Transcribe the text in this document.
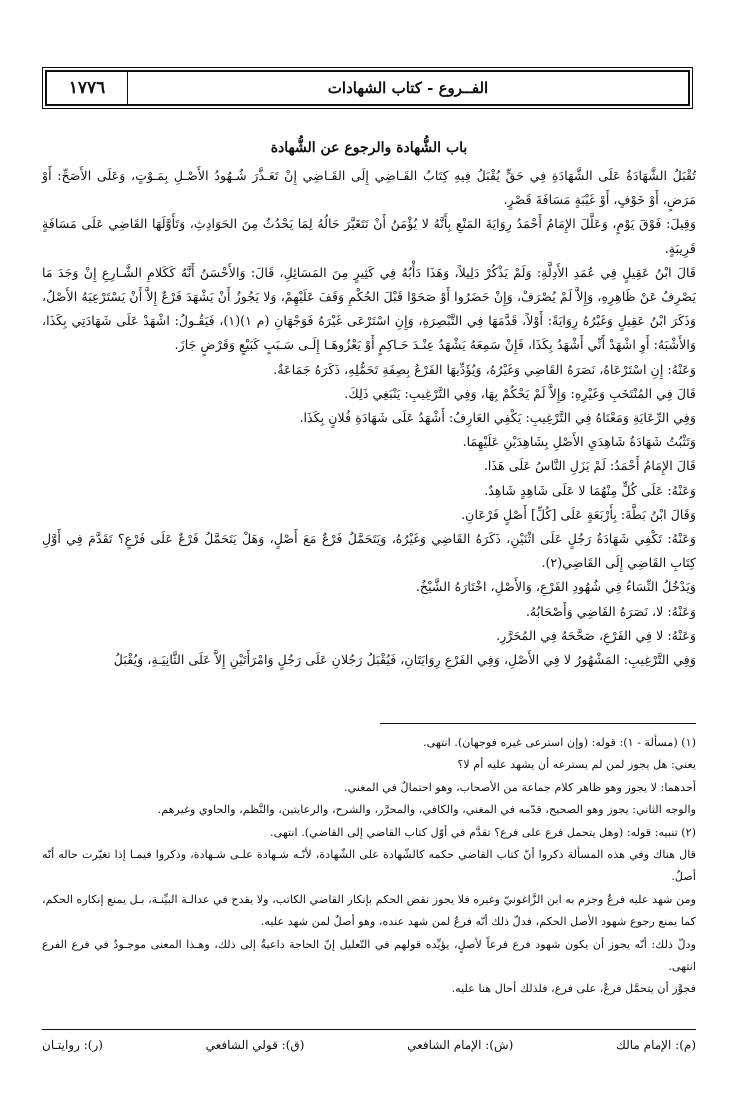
١٧٧٦	الفــروع - كتاب الشهادات

باب الشُّهادة والرجوع عن الشُّهادة

تُقْبَلُ الشَّهَادَةُ عَلَى الشَّهَادَةِ فِي حَقٍّ يُقْبَلُ فِيهِ كِتَابُ القَـاضِي إِلَى القَـاضِي إِنْ تَعَـذَّرَ شُـهُودُ الأَصْـلِ بِمَـوْتٍ، وَعَلَى الأَصَحِّ: أَوْ مَرَضٍ، أَوْ خَوْفٍ، أَوْ غَيْبَةٍ مَسَافَةَ قَصْرٍ.

وَقِيلَ: فَوْقَ يَوْمٍ، وَعَلَّلَ الإِمَامُ أَحْمَدُ رِوَايَةَ المَنْعِ بِأَنَّهُ لا يُؤْمَنُ أَنْ تَتَغَيَّرَ حَالُهُ لِمَا يَحْدُثُ مِنَ الحَوَادِثِ، وَتَأَوَّلَهَا القَاضِي عَلَى مَسَافَةٍ قَرِيبَةٍ.

قَالَ ابْنُ عَقِيلٍ فِي عُمَدِ الأَدِلَّةِ: وَلَمْ يَذْكُرْ دَلِيلاً، وَهَذَا دَأْبُهُ فِي كَثِيرٍ مِنَ المَسَائِلِ، قَالَ: وَالأَحْسَنُ أَنَّهُ كَكَلامِ الشَّـارِعِ إِنْ وَجَدَ مَا يَصْرِفُ عَنْ ظَاهِرِهِ، وَإِلاَّ لَمْ يُصْرَفْ، وَإِنْ حَضَرُوا أَوْ صَحَوْا قَبْلَ الحُكْمِ وَقَفَ عَلَيْهِمْ، وَلا يَجُوزُ أَنْ يَشْهَدَ فَرْعٌ إِلاَّ أَنْ يَسْتَرْعِيَهُ الأَصْلُ، وَذَكَرَ ابْنُ عَقِيلٍ وَغَيْرُهُ رِوَايَةً: أَوْلاً، قَدَّمَهَا فِي التَّبْصِرَةِ، وَإِنِ اسْتَرْعَى غَيْرَهُ فَوَجْهَانِ (م ١)(١)، فَيَقُـولُ: اشْهَدْ عَلَى شَهَادَتِي بِكَذَا، وَالأَشْبَهُ: أَوِ اشْهَدْ أَنِّي أَشْهَدُ بِكَذَا، فَإِنْ سَمِعَهُ يَشْهَدُ عِنْـدَ حَـاكِمٍ أَوْ يَعْزُوهَـا إِلَـى سَـبَبٍ كَبَيْعٍ وَقَرْضٍ جَازَ.

وَعَنْهُ: إِنِ اسْتَرْعَاهُ، نَصَرَهُ القَاضِي وَغَيْرُهُ، وَيُؤَدِّيهَا الفَرْعُ بِصِفَةِ تَحَمُّلِهِ، ذَكَرَهُ جَمَاعَةٌ.

قَالَ فِي المُنْتَخَبِ وَغَيْرِهِ: وَإِلاَّ لَمْ يَحْكُمْ بِهَا، وَفِي التَّرْغِيبِ: يَنْبَغِي ذَلِكَ.

وَفِي الرِّعَايَةِ وَمَعْنَاهُ فِي التَّرْغِيبِ: يَكْفِي العَارِفُ: أَشْهَدُ عَلَى شَهَادَةِ فُلانٍ بِكَذَا.

وَتَثْبُتُ شَهَادَةُ شَاهِدَيِ الأَصْلِ بِشَاهِدَيْنِ عَلَيْهِمَا.

قَالَ الإِمَامُ أَحْمَدُ: لَمْ يَزَلِ النَّاسُ عَلَى هَذَا.

وَعَنْهُ: عَلَى كُلٍّ مِنْهُمَا لا عَلَى شَاهِدٍ شَاهِدٌ.

وَقَالَ ابْنُ بَطَّةَ: بِأَرْبَعَةٍ عَلَى [كُلِّ] أَصْلٍ فَرْعَانِ.

وَعَنْهُ: تَكْفِي شَهَادَةُ رَجُلٍ عَلَى اثْنَيْنِ، ذَكَرَهُ القَاضِي وَغَيْرُهُ، وَيَتَحَمَّلُ فَرْعٌ مَعَ أَصْلٍ، وَهَلْ يَتَحَمَّلُ فَرْعٌ عَلَى فَرْعٍ؟ تَقَدَّمَ فِي أَوَّلِ كِتَابِ القَاضِي إِلَى القَاضِي(٢).

وَيَدْخُلُ النِّسَاءُ فِي شُهُودِ الفَرْعِ، وَالأَصْلِ، اخْتَارَهُ الشَّيْخُ.

وَعَنْهُ: لا، نَصَرَهُ القَاضِي وَأَصْحَابُهُ.

وَعَنْهُ: لا فِي الفَرْعِ، صَحَّحَهُ فِي المُحَرَّرِ.

وَفِي التَّرْغِيبِ: المَشْهُورُ لا فِي الأَصْلِ، وَفِي الفَرْعِ رِوَايَتَانِ، فَيُقْبَلُ رَجُلانِ عَلَى رَجُلٍ وَامْرَأَتَيْنِ إِلاَّ عَلَى الثَّانِيَـةِ، وَيُقْبَلُ

(١) (مسألة - ١): قوله: (وإن استرعى غيره فوجهان). انتهى.

يعني: هل يجوز لمن لم يسترعه أن يشهد عليه أم لا؟

أحدهما: لا يجوز وهو ظاهر كلام جماعة من الأصحاب، وهو احتمالٌ في المغني.

والوجه الثاني: يجوز وهو الصحيح، قدّمه في المغني، والكافي، والمحرَّر، والشرح، والرعايتين، والنَّظم، والحاوي وغيرهم.

(٢) تنبيه: قوله: (وهل يتحمل فرع على فرع؟ تقدَّم في أوّل كتاب القاضي إلى القاضي). انتهى.

قال هناك وفي هذه المسألة ذكروا أنّ كتاب القاضي حكمه كالشّهادة على الشّهادة، لأنّـه شـهادة علـى شـهادة، وذكروا فيمـا إذا تغيّرت حاله أنّه أصلٌ.

ومن شهد عليه فرعٌ وجزم به ابن الزَّاغونيّ وغيره فلا يجوز نقض الحكم بإنكار القاضي الكاتب، ولا يقدح في عدالـة البيِّنـة، بـل يمنع إنكاره الحكم، كما يمنع رجوع شهود الأصل الحكم، فدلّ ذلك أنّه فرعٌ لمن شهد عنده، وهو أصلٌ لمن شهد عليه.

ودلّ ذلك: أنّه يجوز أن يكون شهود فرع فرعاً لأصلٍ، يؤيِّده قولهم في التّعليل إنّ الحاجة داعيةٌ إلى ذلك، وهـذا المعنى موجـودٌ في فرع الفرع انتهى.

فجوَّز أن يتحمَّل فرعٌ، على فرع، فلذلك أحال هنا عليه.

(م): الإمام مالك
(ش): الإمام الشافعي
(ق): قولي الشافعي
(ر): روايتـان
